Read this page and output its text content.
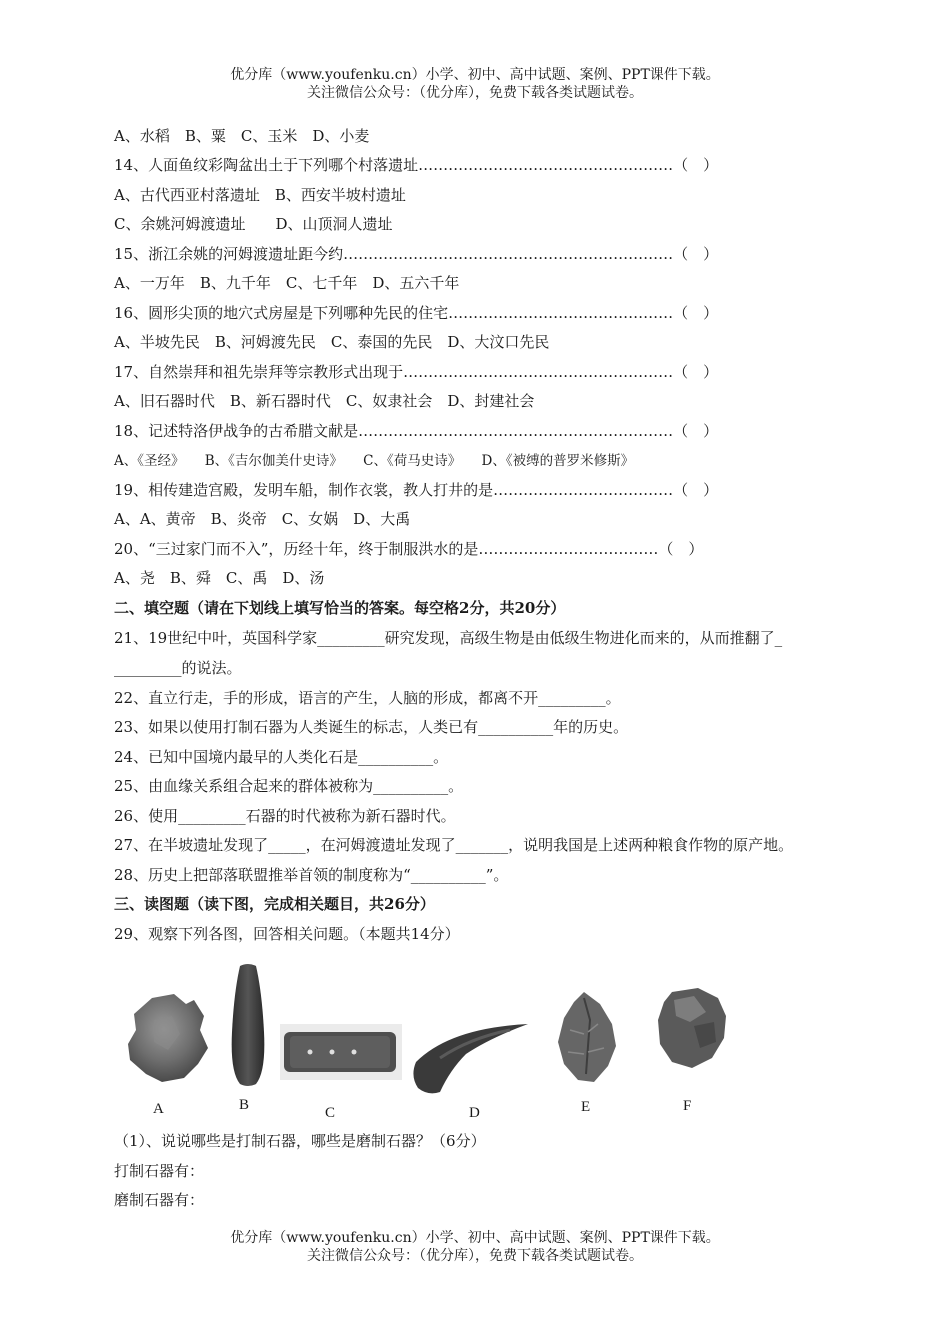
优分库（www.youfenku.cn）小学、初中、高中试题、案例、PPT课件下载。
关注微信公众号：（优分库），免费下载各类试题试卷。
A、水稻　B、粟　C、玉米　D、小麦
14、人面鱼纹彩陶盆出土于下列哪个村落遗址……………………………………………（　）
A、古代西亚村落遗址　B、西安半坡村遗址
C、余姚河姆渡遗址　　D、山顶洞人遗址
15、浙江余姚的河姆渡遗址距今约…………………………………………………………（　）
A、一万年　B、九千年　C、七千年　D、五六千年
16、圆形尖顶的地穴式房屋是下列哪种先民的住宅………………………………………（　）
A、半坡先民　B、河姆渡先民　C、泰国的先民　D、大汶口先民
17、自然崇拜和祖先崇拜等宗教形式出现于………………………………………………（　）
A、旧石器时代　B、新石器时代　C、奴隶社会　D、封建社会
18、记述特洛伊战争的古希腊文献是………………………………………………………（　）
A、《圣经》　　B、《吉尔伽美什史诗》　　C、《荷马史诗》　　D、《被缚的普罗米修斯》
19、相传建造宫殿，发明车船，制作衣裳，教人打井的是………………………………（　）
A、A、黄帝　B、炎帝　C、女娲　D、大禹
20、“三过家门而不入”，历经十年，终于制服洪水的是………………………………（　）
A、尧　B、舜　C、禹　D、汤
二、填空题（请在下划线上填写恰当的答案。每空格2分，共20分）
21、19世纪中叶，英国科学家_________研究发现，高级生物是由低级生物进化而来的，从而推翻了_
_________的说法。
22、直立行走，手的形成，语言的产生，人脑的形成，都离不开_________。
23、如果以使用打制石器为人类诞生的标志，人类已有__________年的历史。
24、已知中国境内最早的人类化石是__________。
25、由血缘关系组合起来的群体被称为__________。
26、使用_________石器的时代被称为新石器时代。
27、在半坡遗址发现了_____，在河姆渡遗址发现了_______，说明我国是上述两种粮食作物的原产地。
28、历史上把部落联盟推举首领的制度称为“__________”。
三、读图题（读下图，完成相关题目，共26分）
29、观察下列各图，回答相关问题。（本题共14分）
A	B	C	D	E	F
（1）、说说哪些是打制石器，哪些是磨制石器？（6分）
打制石器有：
磨制石器有：
优分库（www.youfenku.cn）小学、初中、高中试题、案例、PPT课件下载。
关注微信公众号：（优分库），免费下载各类试题试卷。
